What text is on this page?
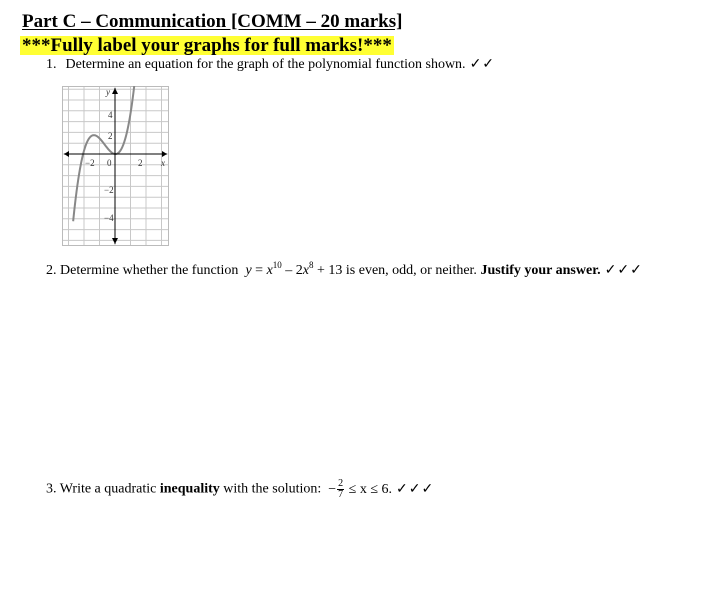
Part C – Communication [COMM – 20 marks]
***Fully label your graphs for full marks!***
1. Determine an equation for the graph of the polynomial function shown. ✓✓
y
x
4
2
−2
−4
−2 0	2
2. Determine whether the function $y = x^{10} - 2x^8 + 13$ is even, odd, or neither. Justify your answer. ✓✓✓
3. Write a quadratic inequality with the solution: − $\frac{2}{7} \le x \le 6$. ✓✓✓
